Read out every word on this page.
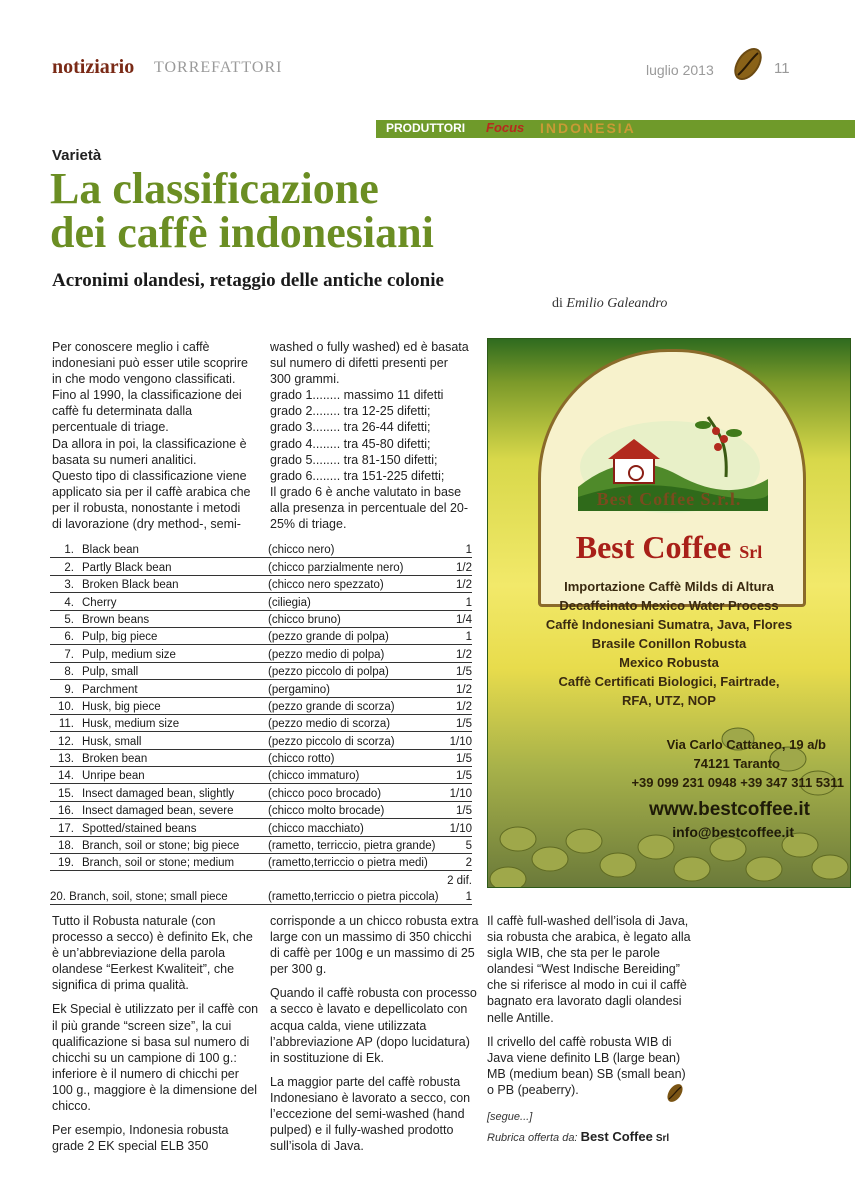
notiziario TORREFATTORI	luglio 2013	11
PRODUTTORI Focus INDONESIA
Varietà
La classificazione
dei caffè indonesiani
Acronimi olandesi, retaggio delle antiche colonie
di Emilio Galeandro

Per conoscere meglio i caffè

indonesiani può esser utile scoprire

in che modo vengono classificati.

Fino al 1990, la classificazione dei

caffè fu determinata dalla

percentuale di triage.

Da allora in poi, la classificazione è

basata su numeri analitici.

Questo tipo di classificazione viene

applicato sia per il caffè arabica che

per il robusta, nonostante i metodi

di lavorazione (dry method-, semi-

washed o fully washed) ed è basata

sul numero di difetti presenti per

300 grammi.

grado 1........ massimo 11 difetti

grado 2........ tra 12-25 difetti;

grado 3........ tra 26-44 difetti;

grado 4........ tra 45-80 difetti;

grado 5........ tra 81-150 difetti;

grado 6........ tra 151-225 difetti;

Il grado 6 è anche valutato in base

alla presenza in percentuale del 20-

25% di triage.

1.	Black bean	(chicco nero)	1
2.	Partly Black bean	(chicco parzialmente nero)	1/2
3.	Broken Black bean	(chicco nero spezzato)	1/2
4.	Cherry	(ciliegia)	1
5.	Brown beans	(chicco bruno)	1/4
6.	Pulp, big piece	(pezzo grande di polpa)	1
7.	Pulp, medium size	(pezzo medio di polpa)	1/2
8.	Pulp, small	(pezzo piccolo di polpa)	1/5
9.	Parchment	(pergamino)	1/2
10.	Husk, big piece	(pezzo grande di scorza)	1/2
11.	Husk, medium size	(pezzo medio di scorza)	1/5
12.	Husk, small	(pezzo piccolo di scorza)	1/10
13.	Broken bean	(chicco rotto)	1/5
14.	Unripe bean	(chicco immaturo)	1/5
15.	Insect damaged bean, slightly	(chicco poco brocado)	1/10
16.	Insect damaged bean, severe	(chicco molto brocade)	1/5
17.	Spotted/stained beans	(chicco macchiato)	1/10
18.	Branch, soil or stone; big piece	(rametto, terriccio, pietra grande)	5
19.	Branch, soil or stone; medium	(rametto,terriccio o pietra medi)	2
			2 dif.
20. Branch, soil, stone; small piece		(rametto,terriccio o pietra piccola)	1
Best Coffee S.r.l.
Best Coffee Srl
Importazione Caffè Milds di Altura
Decaffeinato Mexico Water Process
Caffè Indonesiani Sumatra, Java, Flores
Brasile Conillon Robusta
Mexico Robusta
Caffè Certificati Biologici, Fairtrade,
RFA, UTZ, NOP
Via Carlo Cattaneo, 19 a/b
74121 Taranto
+39 099 231 0948 +39 347 311 5311
www.bestcoffee.it
info@bestcoffee.it

Tutto il Robusta naturale (con processo a secco) è definito Ek, che è un’abbreviazione della parola olandese “Eerkest Kwaliteit”, che significa di prima qualità.

Ek Special è utilizzato per il caffè con il più grande “screen size”, la cui qualificazione si basa sul numero di chicchi su un campione di 100 g.: inferiore è il numero di chicchi per 100 g., maggiore è la dimensione del chicco.

Per esempio, Indonesia robusta grade 2 EK special ELB 350

corrisponde a un chicco robusta extra large con un massimo di 350 chicchi di caffè per 100g e un massimo di 25 per 300 g.

Quando il caffè robusta con processo a secco è lavato e depellicolato con acqua calda, viene utilizzata l’abbreviazione AP (dopo lucidatura) in sostituzione di Ek.

La maggior parte del caffè robusta Indonesiano è lavorato a secco, con l’eccezione del semi-washed (hand pulped) e il fully-washed prodotto sull’isola di Java.

Il caffè full-washed dell’isola di Java, sia robusta che arabica, è legato alla sigla WIB, che sta per le parole olandesi “West Indische Bereiding” che si riferisce al modo in cui il caffè bagnato era lavorato dagli olandesi nelle Antille.

Il crivello del caffè robusta WIB di Java viene definito LB (large bean) MB (medium bean) SB (small bean) o PB (peaberry).

[segue...]
Rubrica offerta da: Best Coffee Srl
